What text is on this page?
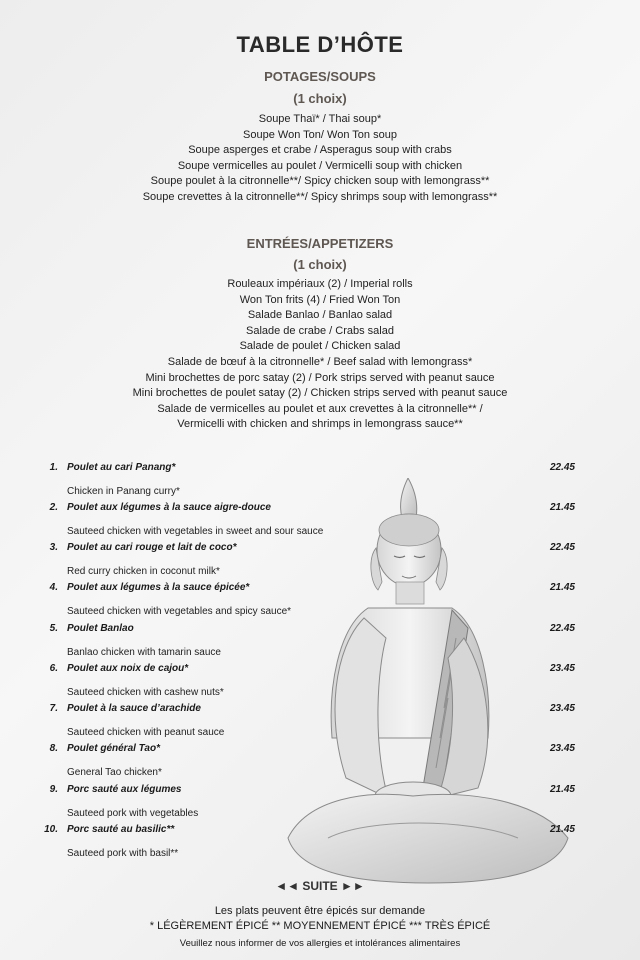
TABLE D’HÔTE
POTAGES/SOUPS
(1 choix)
Soupe Thaï* / Thai soup*
Soupe Won Ton/ Won Ton soup
Soupe asperges et crabe / Asperagus soup with crabs
Soupe vermicelles au poulet / Vermicelli soup with chicken
Soupe poulet à la citronnelle**/ Spicy chicken soup with lemongrass**
Soupe crevettes à la citronnelle**/ Spicy shrimps soup with lemongrass**
ENTRÉES/APPETIZERS
(1 choix)
Rouleaux impériaux (2) / Imperial rolls
Won Ton frits (4) / Fried Won Ton
Salade Banlao / Banlao salad
Salade de crabe / Crabs salad
Salade de poulet / Chicken salad
Salade de bœuf à la citronnelle* / Beef salad with lemongrass*
Mini brochettes de porc satay (2) / Pork strips served with peanut sauce
Mini brochettes de poulet satay (2) / Chicken strips served with peanut sauce
Salade de vermicelles au poulet et aux crevettes à la citronnelle** /
Vermicelli with chicken and shrimps in lemongrass sauce**
1. Poulet au cari Panang*	22.45
Chicken in Panang curry*
2. Poulet aux légumes à la sauce aigre-douce	21.45
Sauteed chicken with vegetables in sweet and sour sauce
3. Poulet au cari rouge et lait de coco*	22.45
Red curry chicken in coconut milk*
4. Poulet aux légumes à la sauce épicée*	21.45
Sauteed chicken with vegetables and spicy sauce*
5. Poulet Banlao	22.45
Banlao chicken with tamarin sauce
6. Poulet aux noix de cajou*	23.45
Sauteed chicken with cashew nuts*
7. Poulet à la sauce d’arachide	23.45
Sauteed chicken with peanut sauce
8. Poulet général Tao*	23.45
General Tao chicken*
9. Porc sauté aux légumes	21.45
Sauteed pork with vegetables
10. Porc sauté au basilic**	21.45
Sauteed pork with basil**
◄◄ SUITE ►►
Les plats peuvent être épicés sur demande
* LÉGÈREMENT ÉPICÉ ** MOYENNEMENT ÉPICÉ *** TRÈS ÉPICÉ
Veuillez nous informer de vos allergies et intolérances alimentaires
